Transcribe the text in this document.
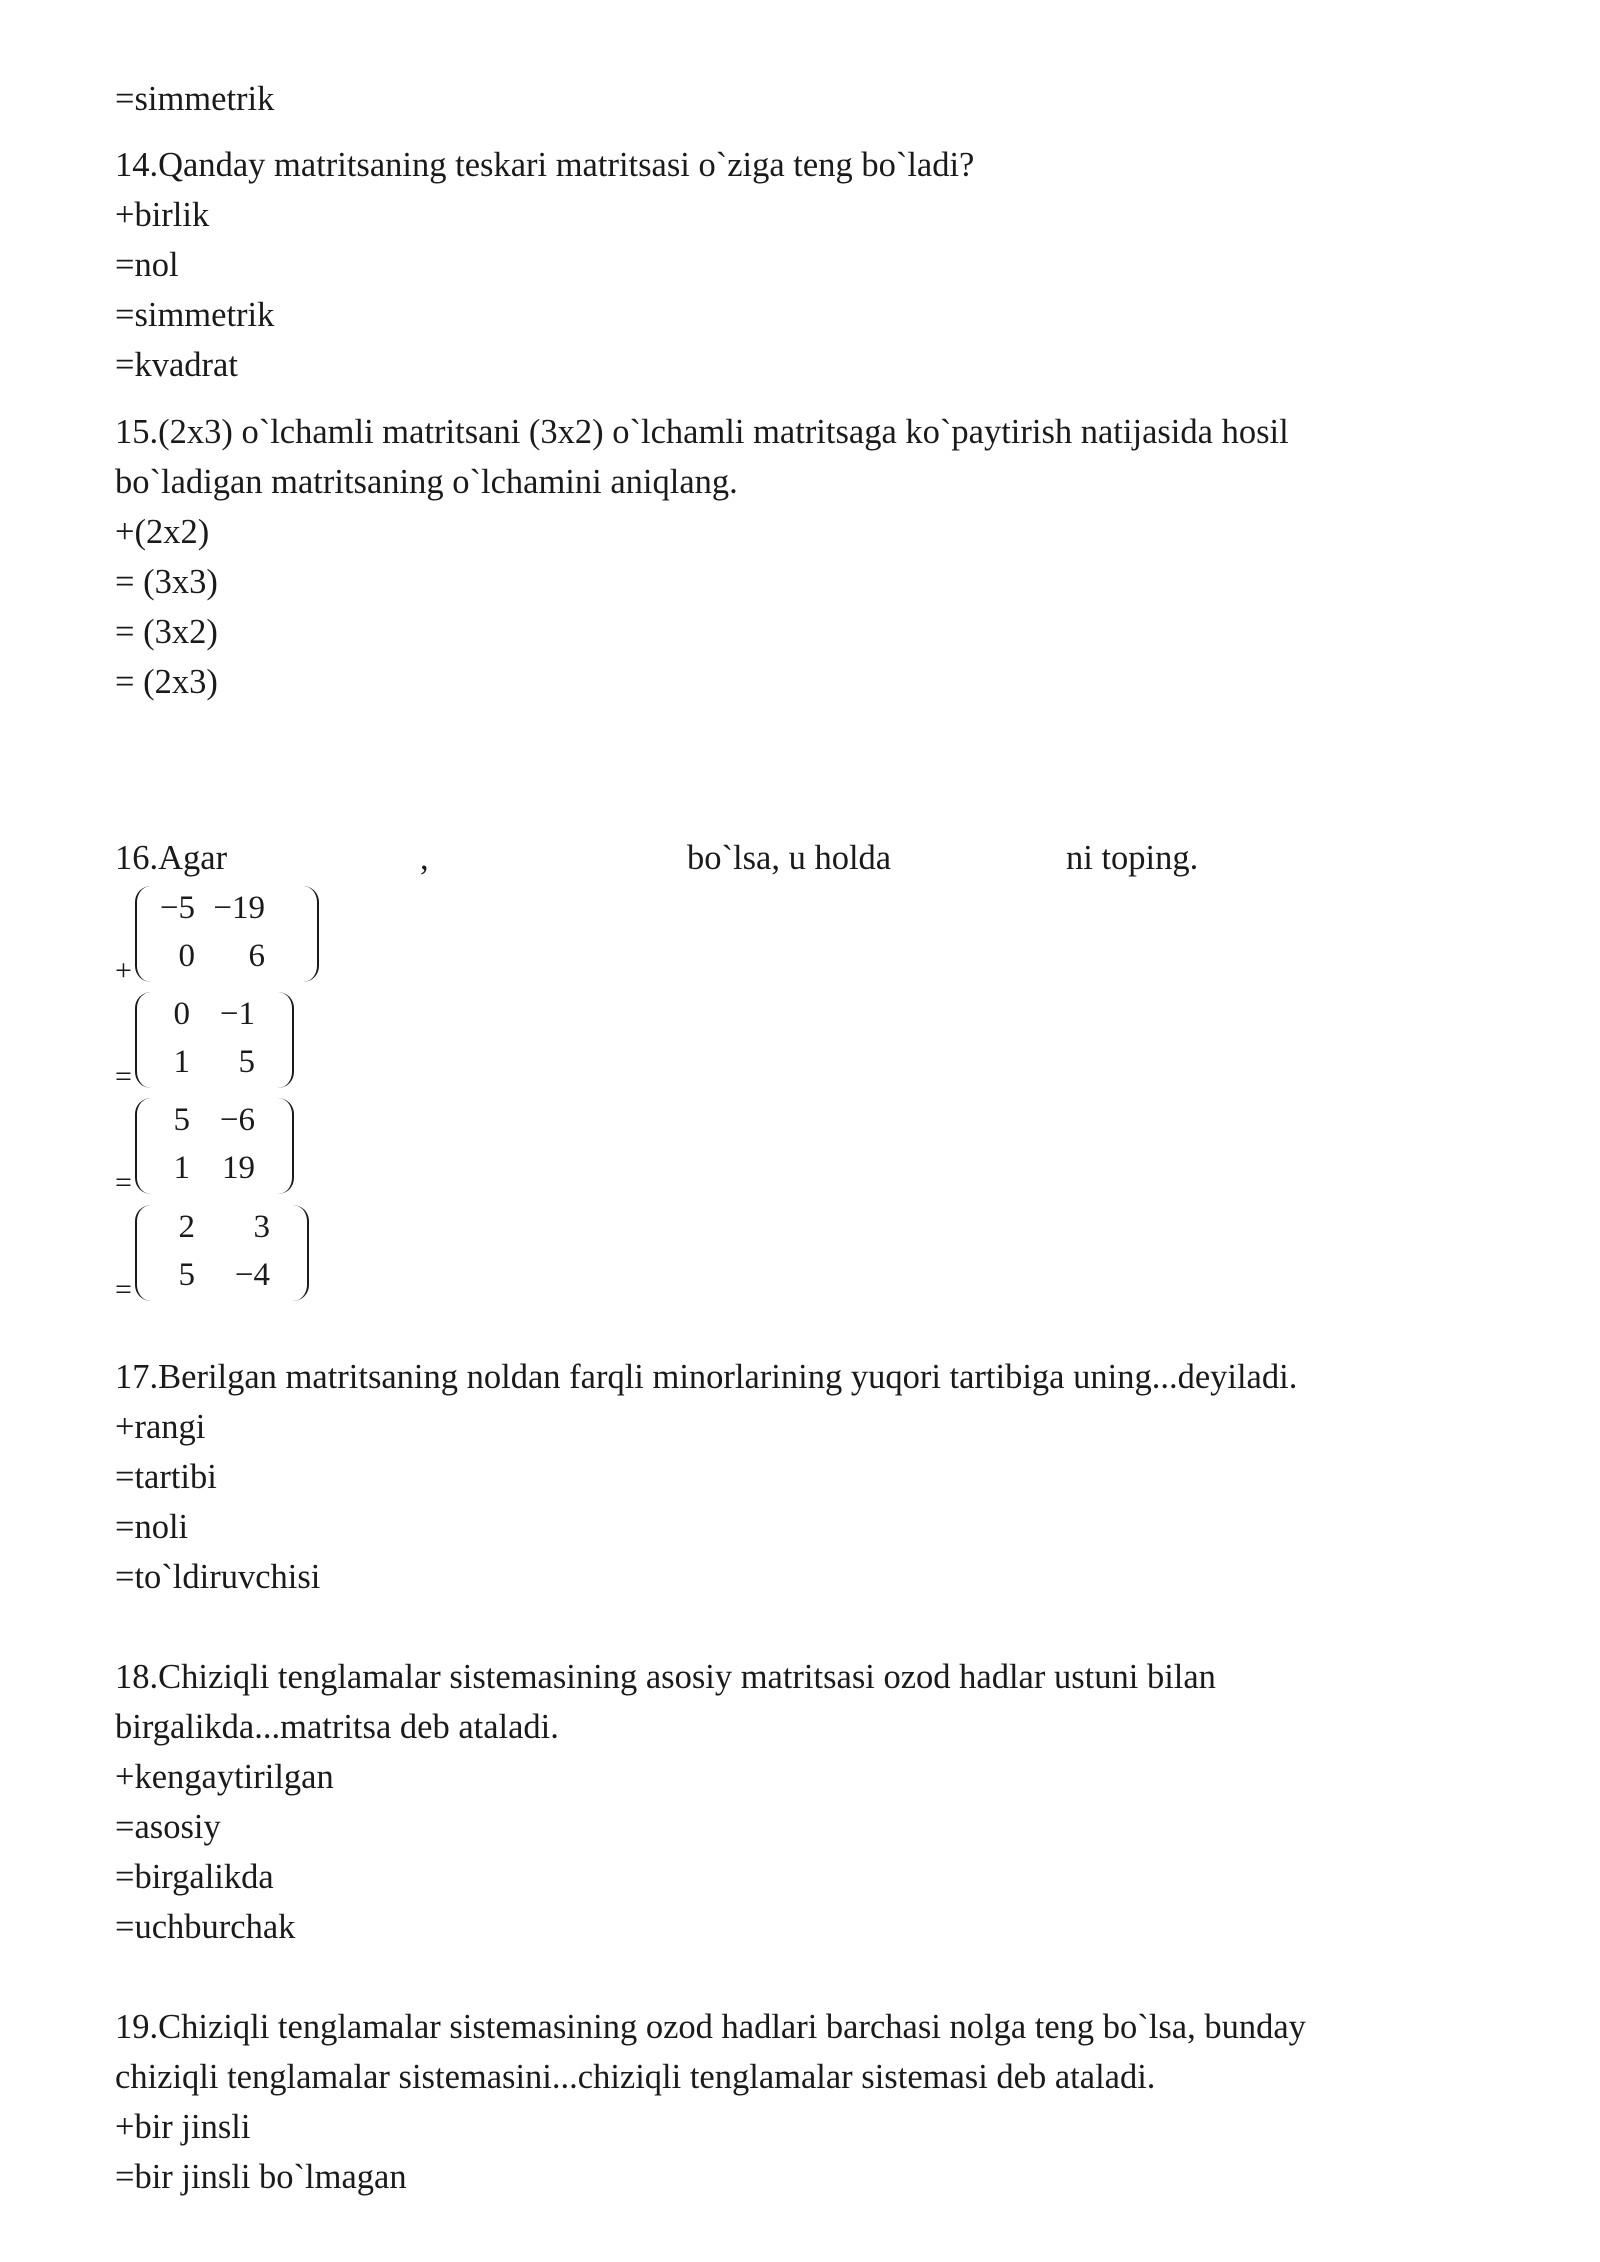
=simmetrik
14.Qanday matritsaning teskari matritsasi o`ziga teng bo`ladi?
+birlik
=nol
=simmetrik
=kvadrat
15.(2x3) o`lchamli matritsani (3x2) o`lchamli matritsaga ko`paytirish natijasida hosil
bo`ladigan matritsaning o`lchamini aniqlang.
+(2x2)
= (3x3)
= (3x2)
= (2x3)
16.Agar	,	bo`lsa, u holda	ni toping.
+
−5 −19
0	6
=
0 −1
1	5
=
5 −6
1 19
=
2	3
5	−4
17.Berilgan matritsaning noldan farqli minorlarining yuqori tartibiga uning...deyiladi.
+rangi
=tartibi
=noli
=to`ldiruvchisi
18.Chiziqli tenglamalar sistemasining asosiy matritsasi ozod hadlar ustuni bilan
birgalikda...matritsa deb ataladi.
+kengaytirilgan
=asosiy
=birgalikda
=uchburchak
19.Chiziqli tenglamalar sistemasining ozod hadlari barchasi nolga teng bo`lsa, bunday
chiziqli tenglamalar sistemasini...chiziqli tenglamalar sistemasi deb ataladi.
+bir jinsli
=bir jinsli bo`lmagan
